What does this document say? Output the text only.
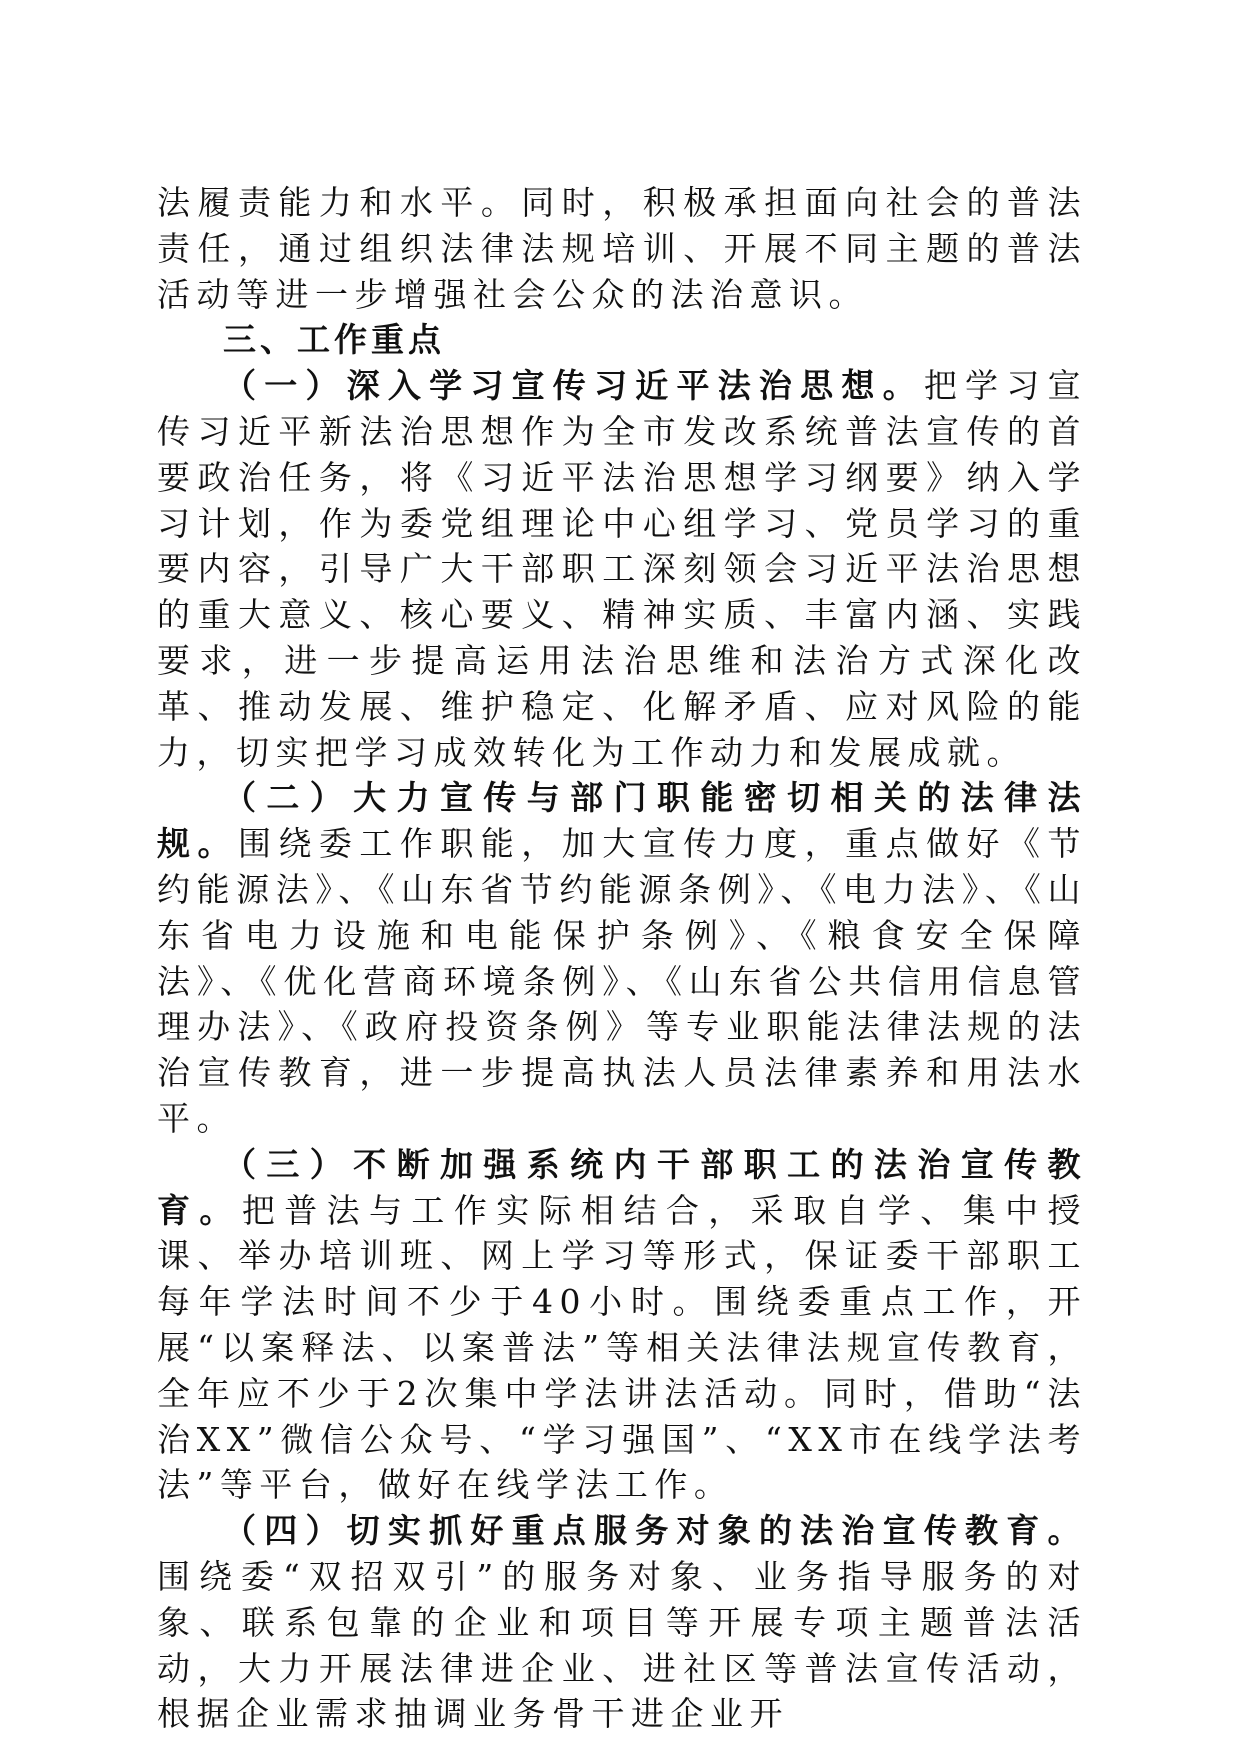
法履责能力和水平。同时，积极承担面向社会的普法责任，通过组织法律法规培训、开展不同主题的普法活动等进一步增强社会公众的法治意识。

三、工作重点

（一）深入学习宣传习近平法治思想。把学习宣传习近平新法治思想作为全市发改系统普法宣传的首要政治任务，将《习近平法治思想学习纲要》纳入学习计划，作为委党组理论中心组学习、党员学习的重要内容，引导广大干部职工深刻领会习近平法治思想的重大意义、核心要义、精神实质、丰富内涵、实践要求，进一步提高运用法治思维和法治方式深化改革、推动发展、维护稳定、化解矛盾、应对风险的能力，切实把学习成效转化为工作动力和发展成就。

（二）大力宣传与部门职能密切相关的法律法规。围绕委工作职能，加大宣传力度，重点做好《节约能源法》、《山东省节约能源条例》、《电力法》、《山东省电力设施和电能保护条例》、《粮食安全保障法》、《优化营商环境条例》、《山东省公共信用信息管理办法》、《政府投资条例》等专业职能法律法规的法治宣传教育，进一步提高执法人员法律素养和用法水平。

（三）不断加强系统内干部职工的法治宣传教育。把普法与工作实际相结合，采取自学、集中授课、举办培训班、网上学习等形式，保证委干部职工每年学法时间不少于40小时。围绕委重点工作，开展“以案释法、以案普法”等相关法律法规宣传教育，全年应不少于2次集中学法讲法活动。同时，借助“法治XX”微信公众号、“学习强国”、“XX市在线学法考法”等平台，做好在线学法工作。

（四）切实抓好重点服务对象的法治宣传教育。围绕委“双招双引”的服务对象、业务指导服务的对象、联系包靠的企业和项目等开展专项主题普法活动，大力开展法律进企业、进社区等普法宣传活动，根据企业需求抽调业务骨干进企业开
